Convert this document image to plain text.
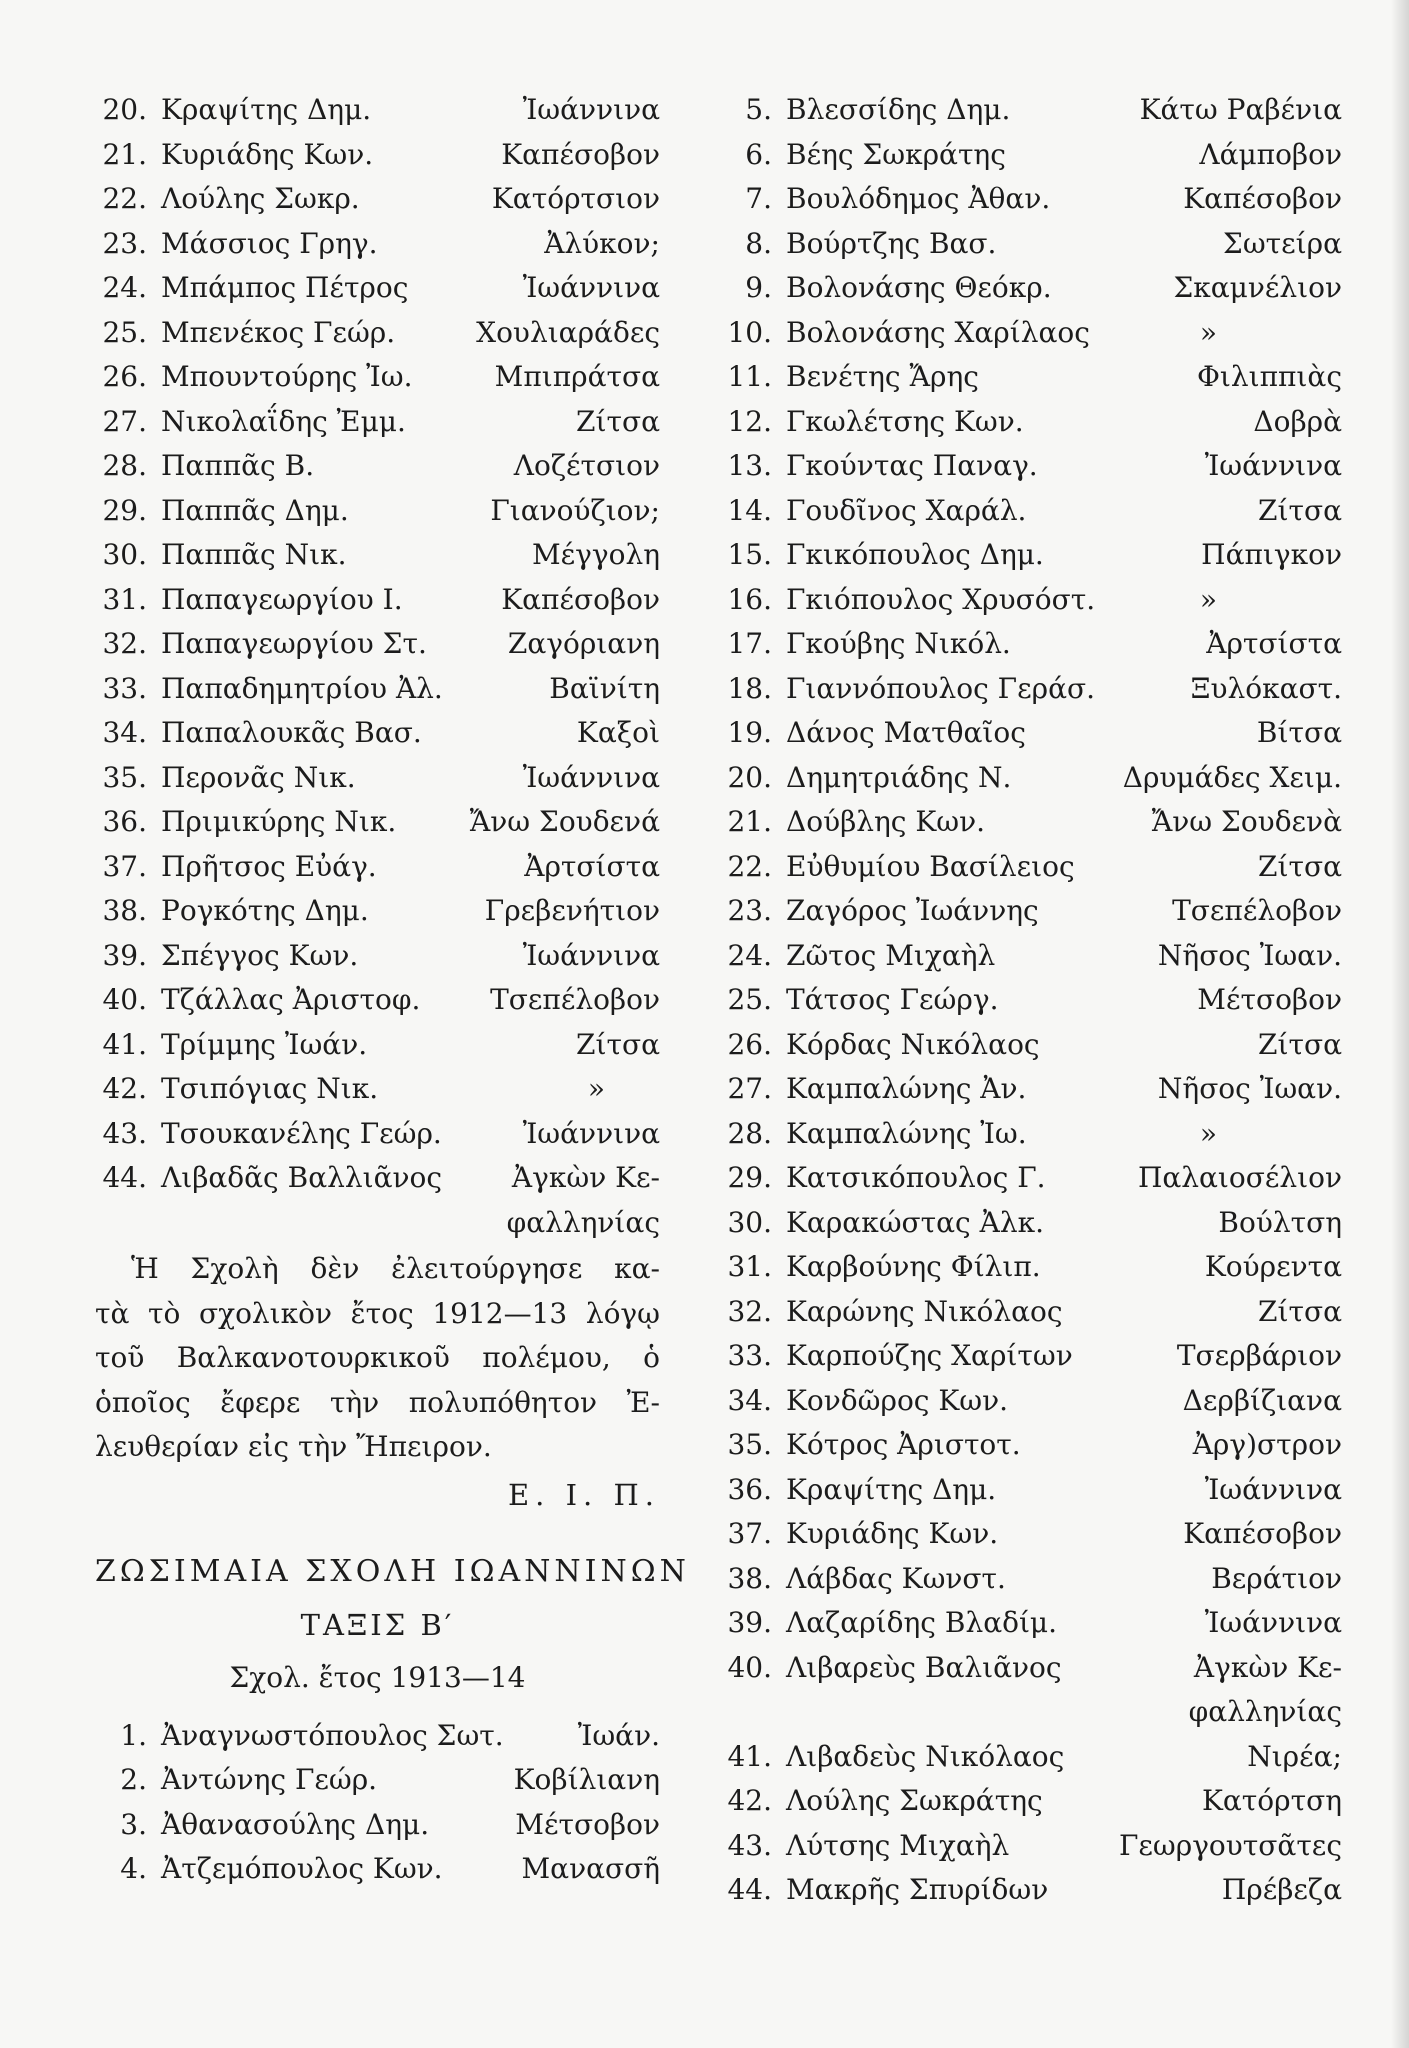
20. Κραψίτης Δημ.	Ἰωάννινα
21. Κυριάδης Κων.	Καπέσοβον
22. Λούλης Σωκρ.	Κατόρτσιον
23. Μάσσιος Γρηγ.	Ἀλύκον;
24. Μπάμπος Πέτρος	Ἰωάννινα
25. Μπενέκος Γεώρ.	Χουλιαράδες
26. Μπουντούρης Ἰω.	Μπιπράτσα
27. Νικολαΐδης Ἐμμ.	Ζίτσα
28. Παππᾶς Β.	Λοζέτσιον
29. Παππᾶς Δημ.	Γιανούζιον;
30. Παππᾶς Νικ.	Μέγγολη
31. Παπαγεωργίου Ι.	Καπέσοβον
32. Παπαγεωργίου Στ.	Ζαγόριανη
33. Παπαδημητρίου Ἀλ.	Βαϊνίτη
34. Παπαλουκᾶς Βασ.	Καξοὶ
35. Περονᾶς Νικ.	Ἰωάννινα
36. Πριμικύρης Νικ.	Ἄνω Σουδενά
37. Πρῆτσος Εὐάγ.	Ἀρτσίστα
38. Ρογκότης Δημ.	Γρεβενήτιον
39. Σπέγγος Κων.	Ἰωάννινα
40. Τζάλλας Ἀριστοφ.	Τσεπέλοβον
41. Τρίμμης Ἰωάν.	Ζίτσα
42. Τσιπόγιας Νικ.	»
43. Τσουκανέλης Γεώρ.	Ἰωάννινα
44. Λιβαδᾶς Βαλλιᾶνος	Ἀγκὼν Κε-
φαλληνίας
Ἡ Σχολὴ δὲν ἐλειτούργησε κα-
τὰ τὸ σχολικὸν ἔτος 1912—13 λόγῳ
τοῦ Βαλκανοτουρκικοῦ πολέμου, ὁ
ὁποῖος ἔφερε τὴν πολυπόθητον Ἐ-
λευθερίαν εἰς τὴν Ἤπειρον.
Ε. Ι. Π.
ΖΩΣΙΜΑΙΑ ΣΧΟΛΗ ΙΩΑΝΝΙΝΩΝ
ΤΑΞΙΣ Β′
Σχολ. ἔτος 1913—14
1. Ἀναγνωστόπουλος Σωτ.	Ἰωάν.
2. Ἀντώνης Γεώρ.	Κοβίλιανη
3. Ἀθανασούλης Δημ.	Μέτσοβον
4. Ἀτζεμόπουλος Κων.	Μανασσῆ
5. Βλεσσίδης Δημ.	Κάτω Ραβένια
6. Βέης Σωκράτης	Λάμποβον
7. Βουλόδημος Ἀθαν.	Καπέσοβον
8. Βούρτζης Βασ.	Σωτείρα
9. Βολονάσης Θεόκρ.	Σκαμνέλιον
10. Βολονάσης Χαρίλαος	»
11. Βενέτης Ἄρης	Φιλιππιὰς
12. Γκωλέτσης Κων.	Δοβρὰ
13. Γκούντας Παναγ.	Ἰωάννινα
14. Γουδῖνος Χαράλ.	Ζίτσα
15. Γκικόπουλος Δημ.	Πάπιγκον
16. Γκιόπουλος Χρυσόστ.	»
17. Γκούβης Νικόλ.	Ἀρτσίστα
18. Γιαννόπουλος Γεράσ.	Ξυλόκαστ.
19. Δάνος Ματθαῖος	Βίτσα
20. Δημητριάδης Ν.	Δρυμάδες Χειμ.
21. Δούβλης Κων.	Ἄνω Σουδενὰ
22. Εὐθυμίου Βασίλειος	Ζίτσα
23. Ζαγόρος Ἰωάννης	Τσεπέλοβον
24. Ζῶτος Μιχαὴλ	Νῆσος Ἰωαν.
25. Τάτσος Γεώργ.	Μέτσοβον
26. Κόρδας Νικόλαος	Ζίτσα
27. Καμπαλώνης Ἀν.	Νῆσος Ἰωαν.
28. Καμπαλώνης Ἰω.	»
29. Κατσικόπουλος Γ.	Παλαιοσέλιον
30. Καρακώστας Ἀλκ.	Βούλτση
31. Καρβούνης Φίλιπ.	Κούρεντα
32. Καρώνης Νικόλαος	Ζίτσα
33. Καρπούζης Χαρίτων	Τσερβάριον
34. Κονδῶρος Κων.	Δερβίζιανα
35. Κότρος Ἀριστοτ.	Ἀργ)στρον
36. Κραψίτης Δημ.	Ἰωάννινα
37. Κυριάδης Κων.	Καπέσοβον
38. Λάβδας Κωνστ.	Βεράτιον
39. Λαζαρίδης Βλαδίμ.	Ἰωάννινα
40. Λιβαρεὺς Βαλιᾶνος	Ἀγκὼν Κε-
φαλληνίας
41. Λιβαδεὺς Νικόλαος	Νιρέα;
42. Λούλης Σωκράτης	Κατόρτση
43. Λύτσης Μιχαὴλ	Γεωργουτσᾶτες
44. Μακρῆς Σπυρίδων	Πρέβεζα
